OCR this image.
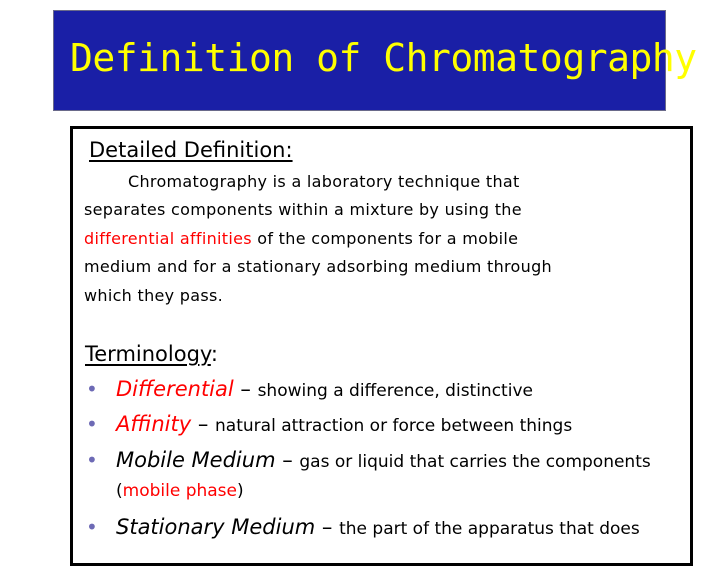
Definition of Chromatography
Detailed Definition:
Chromatography is a laboratory technique that
separates components within a mixture by using the
differential affinities of the components for a mobile
medium and for a stationary adsorbing medium through
which they pass.
Terminology:
• Differential – showing a difference, distinctive
• Affinity – natural attraction or force between things
• Mobile Medium – gas or liquid that carries the components
(mobile phase)
• Stationary Medium – the part of the apparatus that does
